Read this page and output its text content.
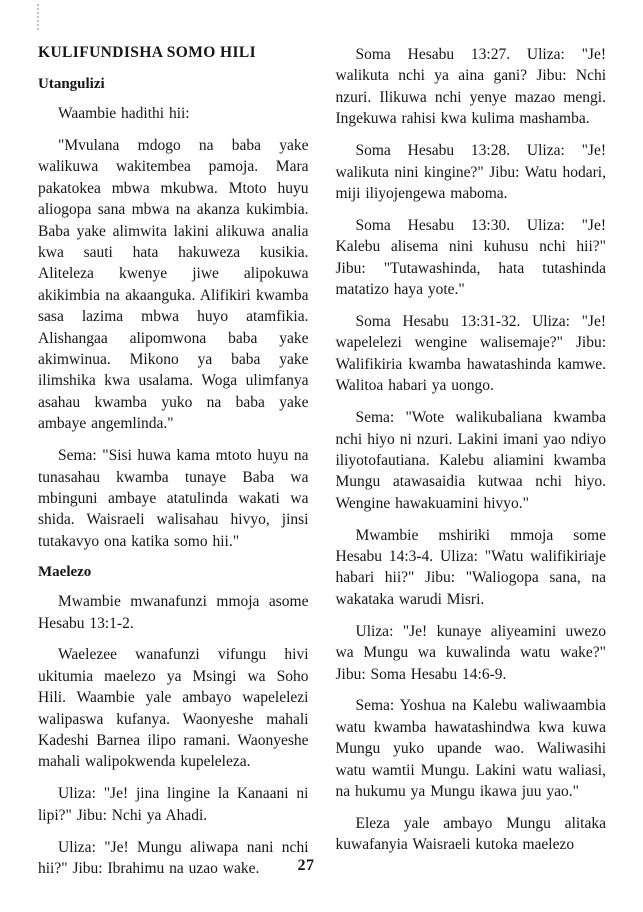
KULIFUNDISHA SOMO HILI
Utangulizi

Waambie hadithi hii:

"Mvulana mdogo na baba yake walikuwa wakitembea pamoja. Mara pakatokea mbwa mkubwa. Mtoto huyu aliogopa sana mbwa na akanza kukimbia. Baba yake alimwita lakini alikuwa analia kwa sauti hata hakuweza kusikia. Aliteleza kwenye jiwe alipokuwa akikimbia na akaanguka. Alifikiri kwamba sasa lazima mbwa huyo atamfikia. Alishangaa alipomwona baba yake akimwinua. Mikono ya baba yake ilimshika kwa usalama. Woga ulimfanya asahau kwamba yuko na baba yake ambaye angemlinda."

Sema: "Sisi huwa kama mtoto huyu na tunasahau kwamba tunaye Baba wa mbinguni ambaye atatulinda wakati wa shida. Waisraeli walisahau hivyo, jinsi tutakavyo ona katika somo hii."

Maelezo

Mwambie mwanafunzi mmoja asome Hesabu 13:1-2.

Waelezee wanafunzi vifungu hivi ukitumia maelezo ya Msingi wa Soho Hili. Waambie yale ambayo wapelelezi walipaswa kufanya. Waonyeshe mahali Kadeshi Barnea ilipo ramani. Waonyeshe mahali walipokwenda kupeleleza.

Uliza: "Je! jina lingine la Kanaani ni lipi?" Jibu: Nchi ya Ahadi.

Uliza: "Je! Mungu aliwapa nani nchi hii?" Jibu: Ibrahimu na uzao wake.

Soma Hesabu 13:27. Uliza: "Je! walikuta nchi ya aina gani? Jibu: Nchi nzuri. Ilikuwa nchi yenye mazao mengi. Ingekuwa rahisi kwa kulima mashamba.

Soma Hesabu 13:28. Uliza: "Je! walikuta nini kingine?" Jibu: Watu hodari, miji iliyojengewa maboma.

Soma Hesabu 13:30. Uliza: "Je! Kalebu alisema nini kuhusu nchi hii?" Jibu: "Tutawashinda, hata tutashinda matatizo haya yote."

Soma Hesabu 13:31-32. Uliza: "Je! wapelelezi wengine walisemaje?" Jibu: Walifikiria kwamba hawatashinda kamwe. Walitoa habari ya uongo.

Sema: "Wote walikubaliana kwamba nchi hiyo ni nzuri. Lakini imani yao ndiyo iliyotofautiana. Kalebu aliamini kwamba Mungu atawasaidia kutwaa nchi hiyo. Wengine hawakuamini hivyo."

Mwambie mshiriki mmoja some Hesabu 14:3-4. Uliza: "Watu walifikiriaje habari hii?" Jibu: "Waliogopa sana, na wakataka warudi Misri.

Uliza: "Je! kunaye aliyeamini uwezo wa Mungu wa kuwalinda watu wake?" Jibu: Soma Hesabu 14:6-9.

Sema: Yoshua na Kalebu waliwaambia watu kwamba hawatashindwa kwa kuwa Mungu yuko upande wao. Waliwasihi watu wamtii Mungu. Lakini watu waliasi, na hukumu ya Mungu ikawa juu yao."

Eleza yale ambayo Mungu alitaka kuwafanyia Waisraeli kutoka maelezo

27
